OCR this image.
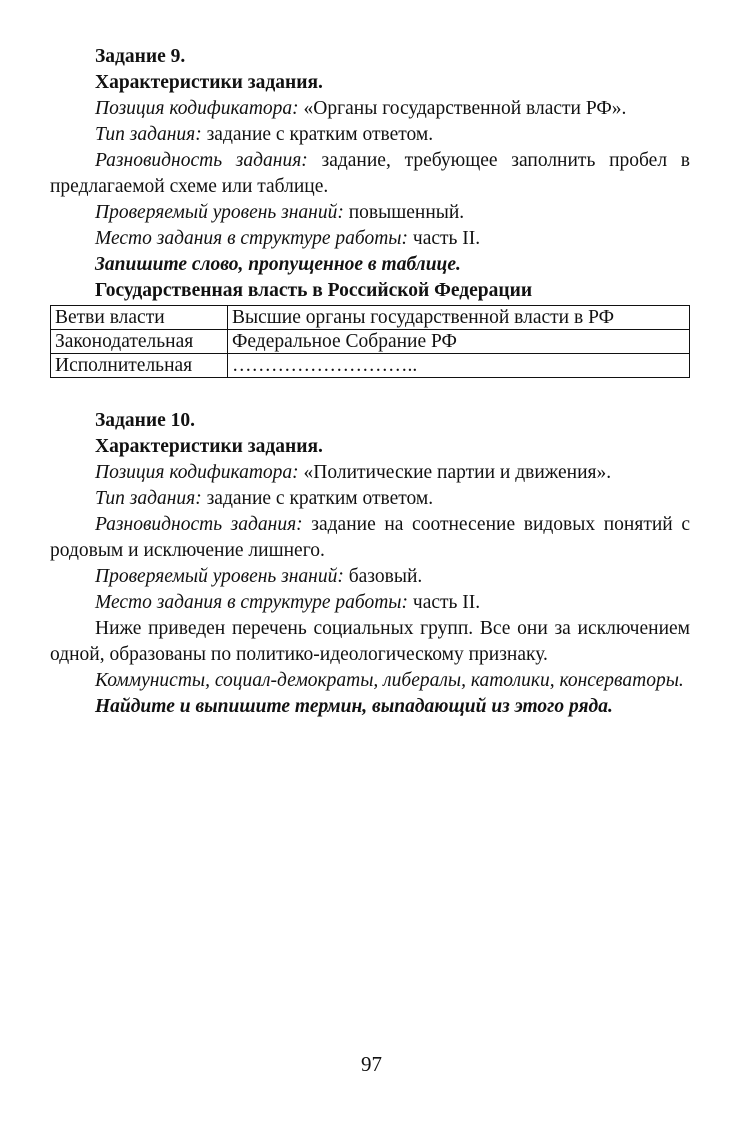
Задание 9.

Характеристики задания.

Позиция кодификатора: «Органы государственной власти РФ».

Тип задания: задание с кратким ответом.

Разновидность задания: задание, требующее заполнить пробел в предлагаемой схеме или таблице.

Проверяемый уровень знаний: повышенный.

Место задания в структуре работы: часть II.

Запишите слово, пропущенное в таблице.

Государственная власть в Российской Федерации

Ветви власти	Высшие органы государственной власти в РФ
Законодательная	Федеральное Собрание РФ
Исполнительная	………………………..

Задание 10.

Характеристики задания.

Позиция кодификатора: «Политические партии и движения».

Тип задания: задание с кратким ответом.

Разновидность задания: задание на соотнесение видовых понятий с родовым и исключение лишнего.

Проверяемый уровень знаний: базовый.

Место задания в структуре работы: часть II.

Ниже приведен перечень социальных групп. Все они за исключением одной, образованы по политико-идеологическому признаку.

Коммунисты, социал-демократы, либералы, католики, консерваторы.

Найдите и выпишите термин, выпадающий из этого ряда.

97
